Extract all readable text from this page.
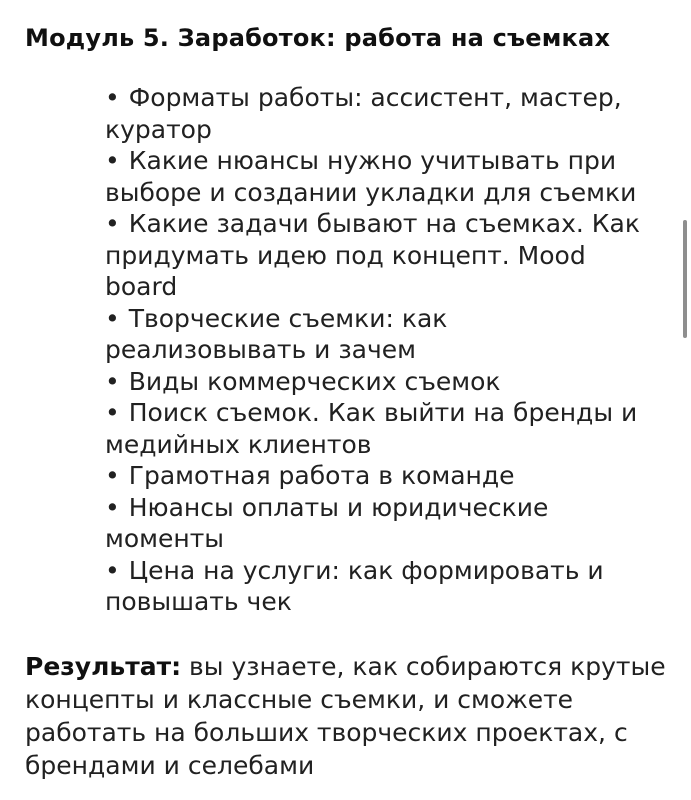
Модуль 5. Заработок: работа на съемках

• Форматы работы: ассистент, мастер, куратор

• Какие нюансы нужно учитывать при выборе и создании укладки для съемки

• Какие задачи бывают на съемках. Как придумать идею под концепт. Mood board

• Творческие съемки: как реализовывать и зачем

• Виды коммерческих съемок

• Поиск съемок. Как выйти на бренды и медийных клиентов

• Грамотная работа в команде

• Нюансы оплаты и юридические моменты

• Цена на услуги: как формировать и повышать чек

Результат: вы узнаете, как собираются крутые концепты и классные съемки, и сможете работать на больших творческих проектах, с брендами и селебами
